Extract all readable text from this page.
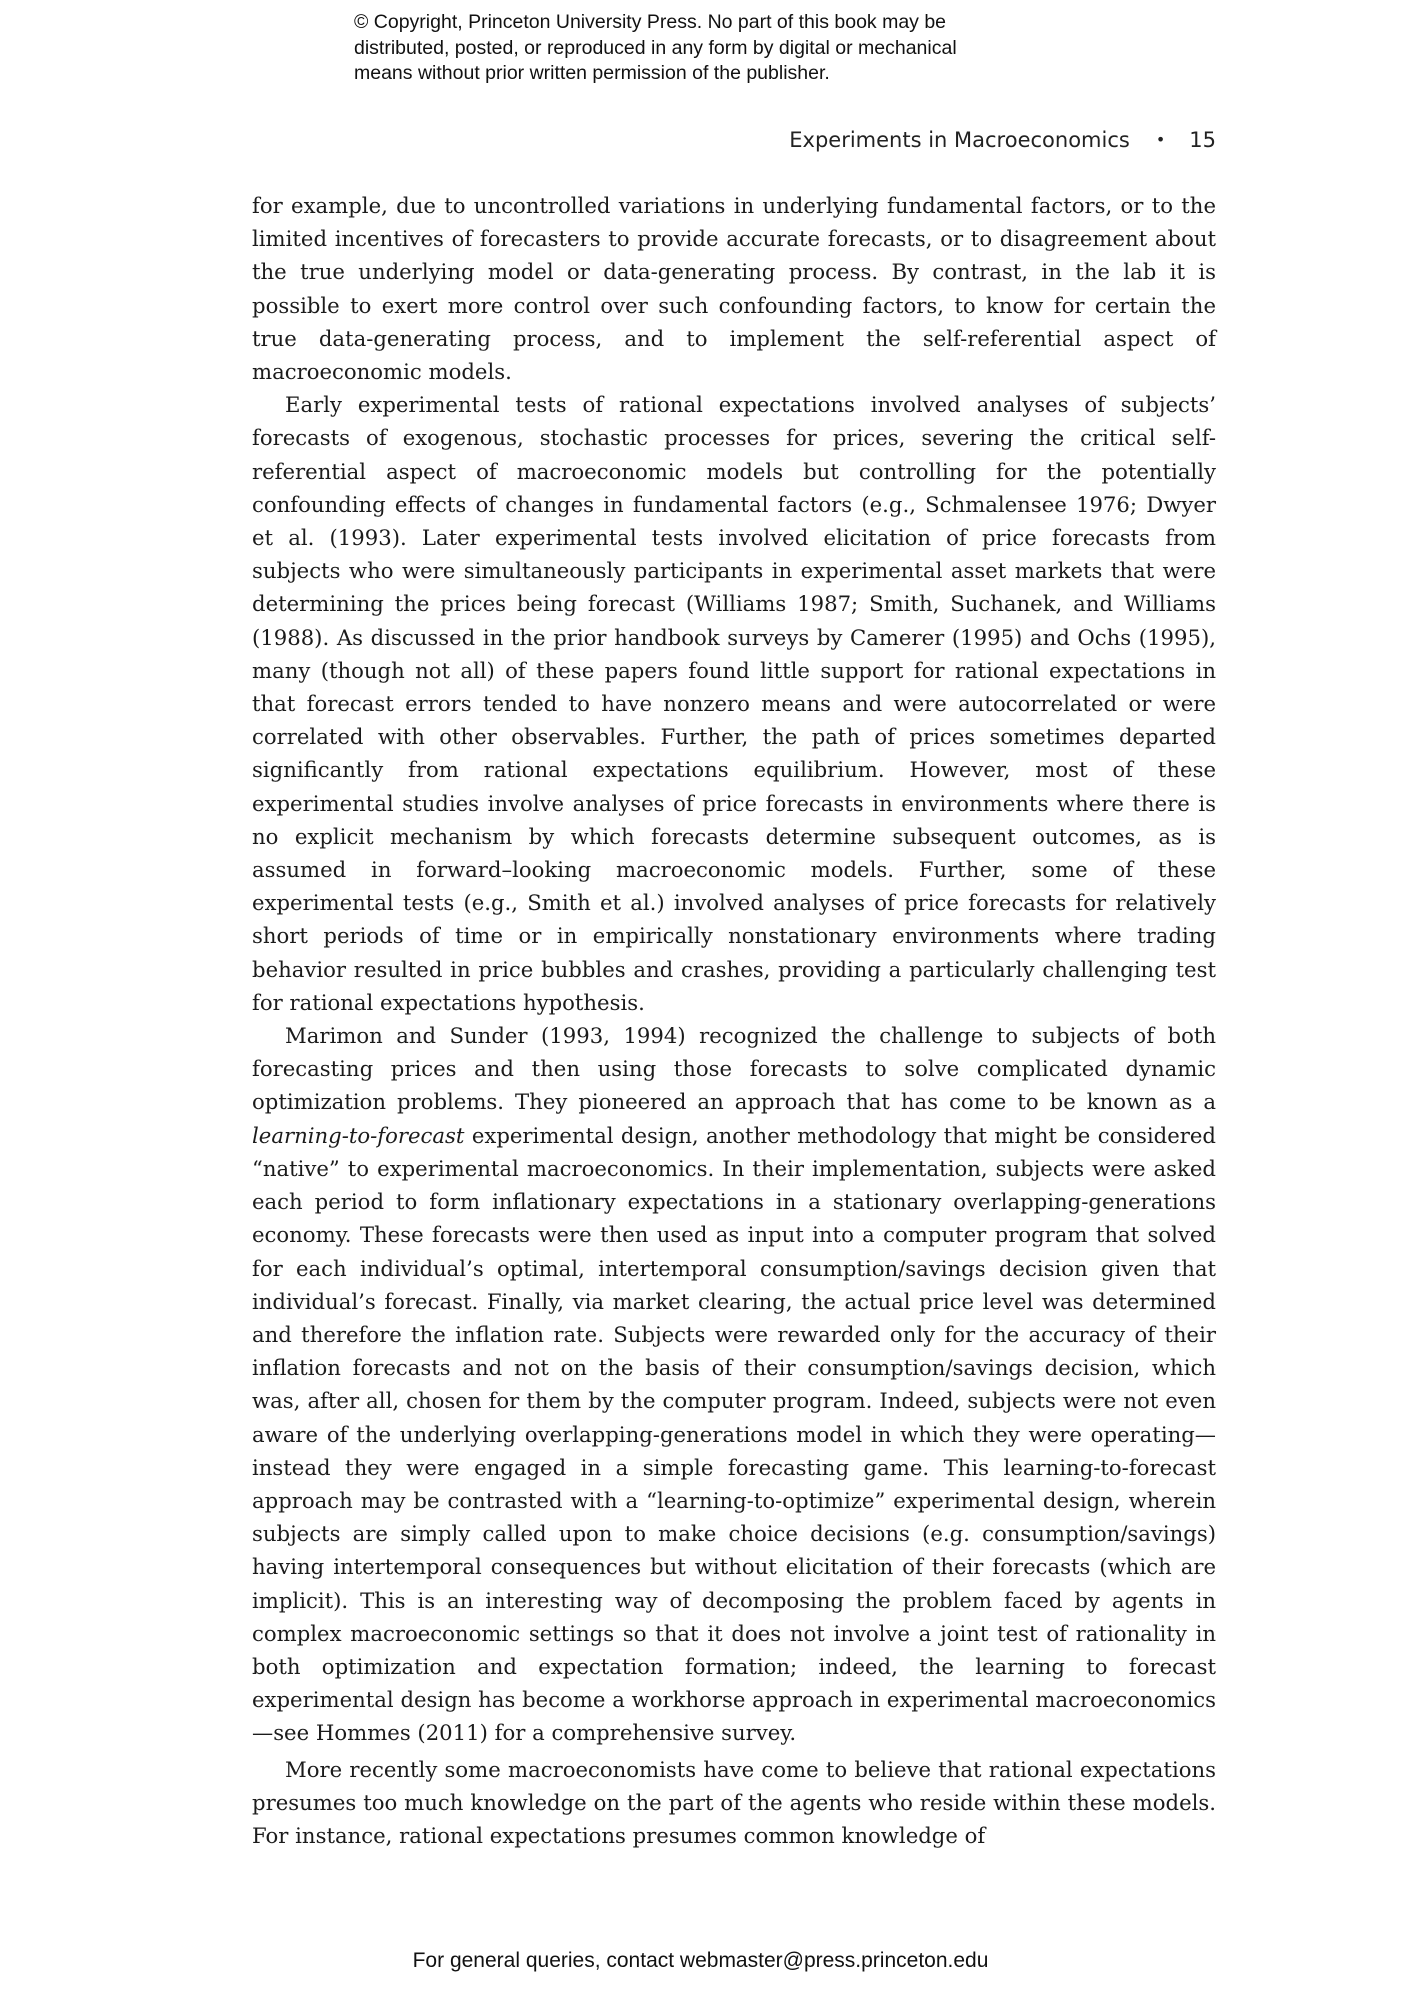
© Copyright, Princeton University Press. No part of this book may be
distributed, posted, or reproduced in any form by digital or mechanical
means without prior written permission of the publisher.
Experiments in Macroeconomics • 15

for example, due to uncontrolled variations in underlying fundamental factors, or to the limited incentives of forecasters to provide accurate forecasts, or to disagreement about the true underlying model or data-generating process. By contrast, in the lab it is possible to exert more control over such confounding factors, to know for certain the true data-generating process, and to implement the self-referential aspect of macroeconomic models.

Early experimental tests of rational expectations involved analyses of subjects’ forecasts of exogenous, stochastic processes for prices, severing the critical self-referential aspect of macroeconomic models but controlling for the potentially confounding effects of changes in fundamental factors (e.g., Schmalensee 1976; Dwyer et al. (1993). Later experimental tests involved elicitation of price forecasts from subjects who were simultaneously participants in experimental asset markets that were determining the prices being forecast (Williams 1987; Smith, Suchanek, and Williams (1988). As discussed in the prior handbook surveys by Camerer (1995) and Ochs (1995), many (though not all) of these papers found little support for rational expectations in that forecast errors tended to have nonzero means and were autocorrelated or were correlated with other observables. Further, the path of prices sometimes departed significantly from rational expectations equilibrium. However, most of these experimental studies involve analyses of price forecasts in environments where there is no explicit mechanism by which forecasts determine subsequent outcomes, as is assumed in forward–looking macroeconomic models. Further, some of these experimental tests (e.g., Smith et al.) involved analyses of price forecasts for relatively short periods of time or in empirically nonstationary environments where trading behavior resulted in price bubbles and crashes, providing a particularly challenging test for rational expectations hypothesis.

Marimon and Sunder (1993, 1994) recognized the challenge to subjects of both forecasting prices and then using those forecasts to solve complicated dynamic optimization problems. They pioneered an approach that has come to be known as a learning-to-forecast experimental design, another methodology that might be considered “native” to experimental macroeconomics. In their implementation, subjects were asked each period to form inflationary expectations in a stationary overlapping-generations economy. These forecasts were then used as input into a computer program that solved for each individual’s optimal, intertemporal consumption/savings decision given that individual’s forecast. Finally, via market clearing, the actual price level was determined and therefore the inflation rate. Subjects were rewarded only for the accuracy of their inflation forecasts and not on the basis of their consumption/savings decision, which was, after all, chosen for them by the computer program. Indeed, subjects were not even aware of the underlying overlapping-generations model in which they were operating—instead they were engaged in a simple forecasting game. This learning-to-forecast approach may be contrasted with a “learning-to-optimize” experimental design, wherein subjects are simply called upon to make choice decisions (e.g. consumption/savings) having intertemporal consequences but without elicitation of their forecasts (which are implicit). This is an interesting way of decomposing the problem faced by agents in complex macroeconomic settings so that it does not involve a joint test of rationality in both optimization and expectation formation; indeed, the learning to forecast experimental design has become a workhorse approach in experimental macroeconomics—see Hommes (2011) for a comprehensive survey.

More recently some macroeconomists have come to believe that rational expectations presumes too much knowledge on the part of the agents who reside within these models. For instance, rational expectations presumes common knowledge of

For general queries, contact webmaster@press.princeton.edu
